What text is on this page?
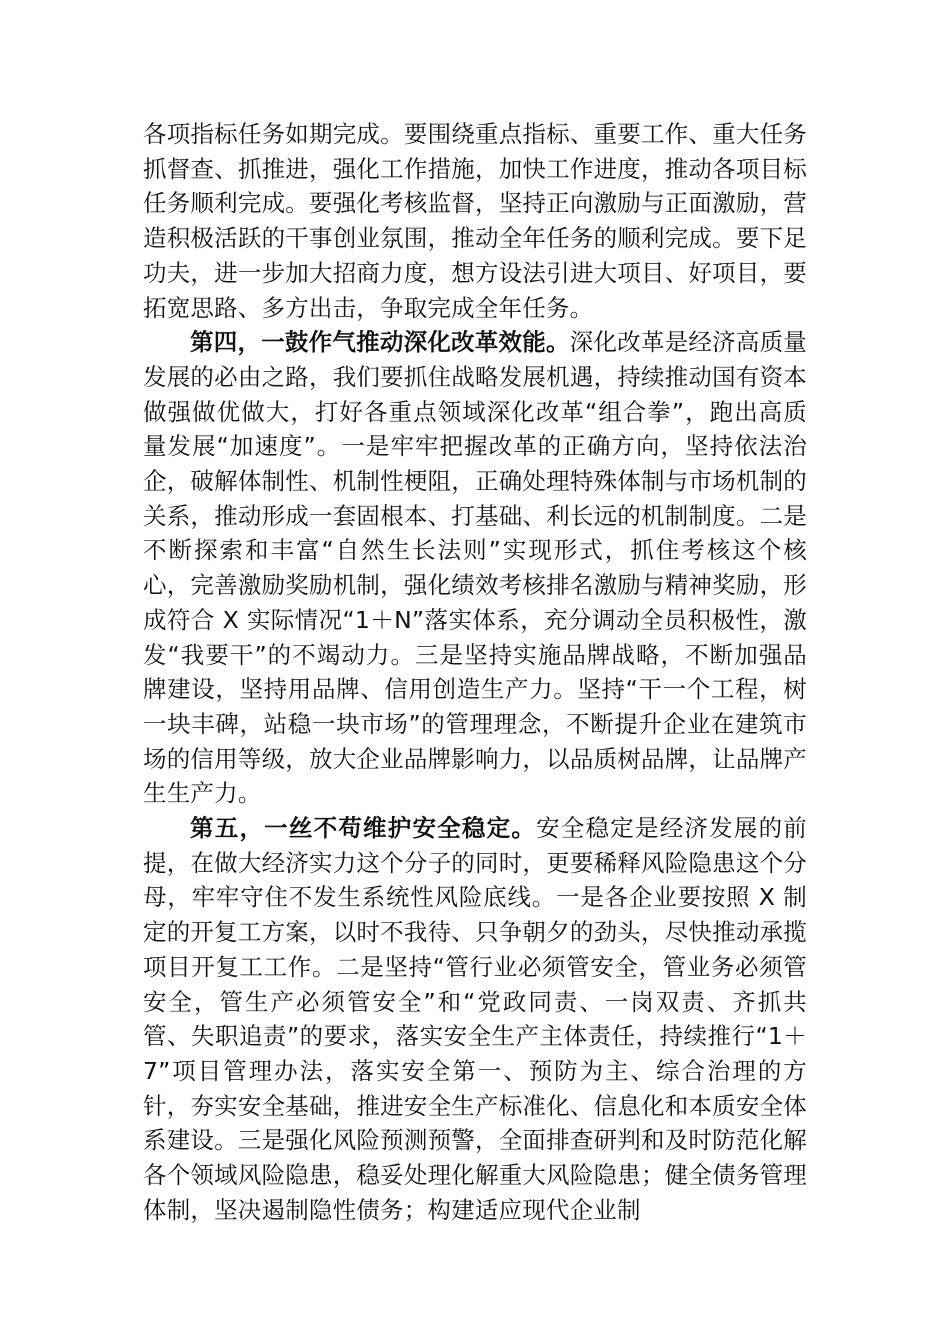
各项指标任务如期完成。要围绕重点指标、重要工作、重大任务抓督查、抓推进，强化工作措施，加快工作进度，推动各项目标任务顺利完成。要强化考核监督，坚持正向激励与正面激励，营造积极活跃的干事创业氛围，推动全年任务的顺利完成。要下足功夫，进一步加大招商力度，想方设法引进大项目、好项目，要拓宽思路、多方出击，争取完成全年任务。

第四，一鼓作气推动深化改革效能。深化改革是经济高质量发展的必由之路，我们要抓住战略发展机遇，持续推动国有资本做强做优做大，打好各重点领域深化改革“组合拳”，跑出高质量发展“加速度”。一是牢牢把握改革的正确方向，坚持依法治企，破解体制性、机制性梗阻，正确处理特殊体制与市场机制的关系，推动形成一套固根本、打基础、利长远的机制制度。二是不断探索和丰富“自然生长法则”实现形式，抓住考核这个核心，完善激励奖励机制，强化绩效考核排名激励与精神奖励，形成符合 X 实际情况“1＋N”落实体系，充分调动全员积极性，激发“我要干”的不竭动力。三是坚持实施品牌战略，不断加强品牌建设，坚持用品牌、信用创造生产力。坚持“干一个工程，树一块丰碑，站稳一块市场”的管理理念，不断提升企业在建筑市场的信用等级，放大企业品牌影响力，以品质树品牌，让品牌产生生产力。

第五，一丝不苟维护安全稳定。安全稳定是经济发展的前提，在做大经济实力这个分子的同时，更要稀释风险隐患这个分母，牢牢守住不发生系统性风险底线。一是各企业要按照 X 制定的开复工方案，以时不我待、只争朝夕的劲头，尽快推动承揽项目开复工工作。二是坚持“管行业必须管安全，管业务必须管安全，管生产必须管安全”和“党政同责、一岗双责、齐抓共管、失职追责”的要求，落实安全生产主体责任，持续推行“1＋7”项目管理办法，落实安全第一、预防为主、综合治理的方针，夯实安全基础，推进安全生产标准化、信息化和本质安全体系建设。三是强化风险预测预警，全面排查研判和及时防范化解各个领域风险隐患，稳妥处理化解重大风险隐患；健全债务管理体制，坚决遏制隐性债务；构建适应现代企业制
